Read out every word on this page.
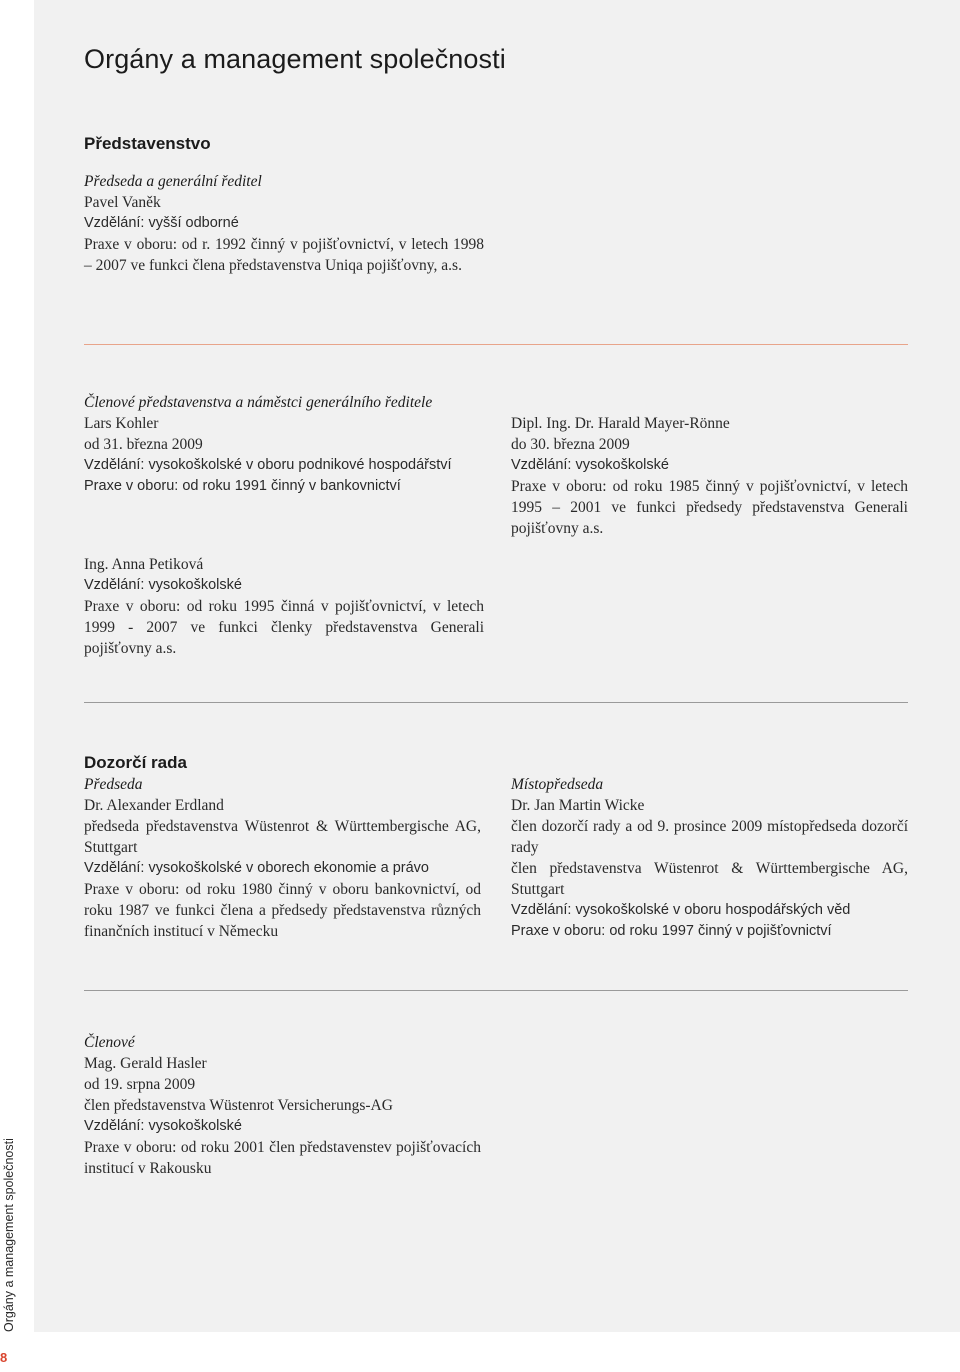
Orgány a management společnosti
Představenstvo
Předseda a generální ředitel
Pavel Vaněk
Vzdělání: vyšší odborné
Praxe v oboru: od r. 1992 činný v pojišťovnictví, v letech 1998 – 2007 ve funkci člena představenstva Uniqa pojišťovny, a.s.
Členové představenstva a náměstci generálního ředitele
Lars Kohler
od 31. března 2009
Vzdělání: vysokoškolské v oboru podnikové hospodářství
Praxe v oboru: od roku 1991 činný v bankovnictví
Ing. Anna Petiková
Vzdělání: vysokoškolské
Praxe v oboru: od roku 1995 činná v pojišťovnictví, v letech 1999 - 2007 ve funkci členky představenstva Generali pojišťovny a.s.
Dipl. Ing. Dr. Harald Mayer-Rönne
do 30. března 2009
Vzdělání: vysokoškolské
Praxe v oboru: od roku 1985 činný v pojišťovnictví, v letech 1995 – 2001 ve funkci předsedy představenstva Generali pojišťovny a.s.
Dozorčí rada
Předseda
Dr. Alexander Erdland
předseda představenstva Wüstenrot & Württembergische AG, Stuttgart
Vzdělání: vysokoškolské v oborech ekonomie a právo
Praxe v oboru: od roku 1980 činný v oboru bankovnictví, od roku 1987 ve funkci člena a předsedy představenstva různých finančních institucí v Německu
Místopředseda
Dr. Jan Martin Wicke
člen dozorčí rady a od 9. prosince 2009 místopředseda dozorčí rady
člen představenstva Wüstenrot & Württembergische AG, Stuttgart
Vzdělání: vysokoškolské v oboru hospodářských věd
Praxe v oboru: od roku 1997 činný v pojišťovnictví
Členové
Mag. Gerald Hasler
od 19. srpna 2009
člen představenstva Wüstenrot Versicherungs-AG
Vzdělání: vysokoškolské
Praxe v oboru: od roku 2001 člen představenstev pojišťovacích institucí v Rakousku
Orgány a management společnosti
8
